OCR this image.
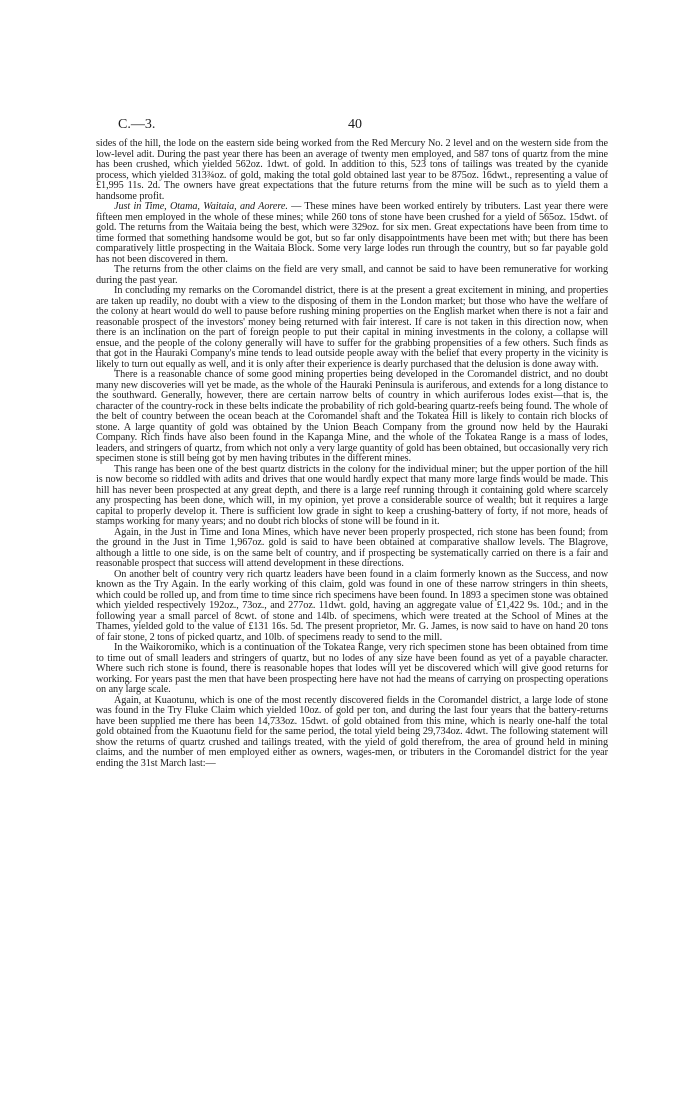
C.—3.	40

sides of the hill, the lode on the eastern side being worked from the Red Mercury No. 2 level and on the western side from the low-level adit. During the past year there has been an average of twenty men employed, and 587 tons of quartz from the mine has been crushed, which yielded 562oz. 1dwt. of gold. In addition to this, 523 tons of tailings was treated by the cyanide process, which yielded 313¾oz. of gold, making the total gold obtained last year to be 875oz. 16dwt., representing a value of £1,995 11s. 2d. The owners have great expectations that the future returns from the mine will be such as to yield them a handsome profit.

Just in Time, Otama, Waitaia, and Aorere. — These mines have been worked entirely by tributers. Last year there were fifteen men employed in the whole of these mines; while 260 tons of stone have been crushed for a yield of 565oz. 15dwt. of gold. The returns from the Waitaia being the best, which were 329oz. for six men. Great expectations have been from time to time formed that something handsome would be got, but so far only disappointments have been met with; but there has been comparatively little prospecting in the Waitaia Block. Some very large lodes run through the country, but so far payable gold has not been discovered in them.

The returns from the other claims on the field are very small, and cannot be said to have been remunerative for working during the past year.

In concluding my remarks on the Coromandel district, there is at the present a great excitement in mining, and properties are taken up readily, no doubt with a view to the disposing of them in the London market; but those who have the welfare of the colony at heart would do well to pause before rushing mining properties on the English market when there is not a fair and reasonable prospect of the investors' money being returned with fair interest. If care is not taken in this direction now, when there is an inclination on the part of foreign people to put their capital in mining investments in the colony, a collapse will ensue, and the people of the colony generally will have to suffer for the grabbing propensities of a few others. Such finds as that got in the Hauraki Company's mine tends to lead outside people away with the belief that every property in the vicinity is likely to turn out equally as well, and it is only after their experience is dearly purchased that the delusion is done away with.

There is a reasonable chance of some good mining properties being developed in the Coromandel district, and no doubt many new discoveries will yet be made, as the whole of the Hauraki Peninsula is auriferous, and extends for a long distance to the southward. Generally, however, there are certain narrow belts of country in which auriferous lodes exist—that is, the character of the country-rock in these belts indicate the probability of rich gold-bearing quartz-reefs being found. The whole of the belt of country between the ocean beach at the Coromandel shaft and the Tokatea Hill is likely to contain rich blocks of stone. A large quantity of gold was obtained by the Union Beach Company from the ground now held by the Hauraki Company. Rich finds have also been found in the Kapanga Mine, and the whole of the Tokatea Range is a mass of lodes, leaders, and stringers of quartz, from which not only a very large quantity of gold has been obtained, but occasionally very rich specimen stone is still being got by men having tributes in the different mines.

This range has been one of the best quartz districts in the colony for the individual miner; but the upper portion of the hill is now become so riddled with adits and drives that one would hardly expect that many more large finds would be made. This hill has never been prospected at any great depth, and there is a large reef running through it containing gold where scarcely any prospecting has been done, which will, in my opinion, yet prove a considerable source of wealth; but it requires a large capital to properly develop it. There is sufficient low grade in sight to keep a crushing-battery of forty, if not more, heads of stamps working for many years; and no doubt rich blocks of stone will be found in it.

Again, in the Just in Time and Iona Mines, which have never been properly prospected, rich stone has been found; from the ground in the Just in Time 1,967oz. gold is said to have been obtained at comparative shallow levels. The Blagrove, although a little to one side, is on the same belt of country, and if prospecting be systematically carried on there is a fair and reasonable prospect that success will attend development in these directions.

On another belt of country very rich quartz leaders have been found in a claim formerly known as the Success, and now known as the Try Again. In the early working of this claim, gold was found in one of these narrow stringers in thin sheets, which could be rolled up, and from time to time since rich specimens have been found. In 1893 a specimen stone was obtained which yielded respectively 192oz., 73oz., and 277oz. 11dwt. gold, having an aggregate value of £1,422 9s. 10d.; and in the following year a small parcel of 8cwt. of stone and 14lb. of specimens, which were treated at the School of Mines at the Thames, yielded gold to the value of £131 16s. 5d. The present proprietor, Mr. G. James, is now said to have on hand 20 tons of fair stone, 2 tons of picked quartz, and 10lb. of specimens ready to send to the mill.

In the Waikoromiko, which is a continuation of the Tokatea Range, very rich specimen stone has been obtained from time to time out of small leaders and stringers of quartz, but no lodes of any size have been found as yet of a payable character. Where such rich stone is found, there is reasonable hopes that lodes will yet be discovered which will give good returns for working. For years past the men that have been prospecting here have not had the means of carrying on prospecting operations on any large scale.

Again, at Kuaotunu, which is one of the most recently discovered fields in the Coromandel district, a large lode of stone was found in the Try Fluke Claim which yielded 10oz. of gold per ton, and during the last four years that the battery-returns have been supplied me there has been 14,733oz. 15dwt. of gold obtained from this mine, which is nearly one-half the total gold obtained from the Kuaotunu field for the same period, the total yield being 29,734oz. 4dwt. The following statement will show the returns of quartz crushed and tailings treated, with the yield of gold therefrom, the area of ground held in mining claims, and the number of men employed either as owners, wages-men, or tributers in the Coromandel district for the year ending the 31st March last:—
